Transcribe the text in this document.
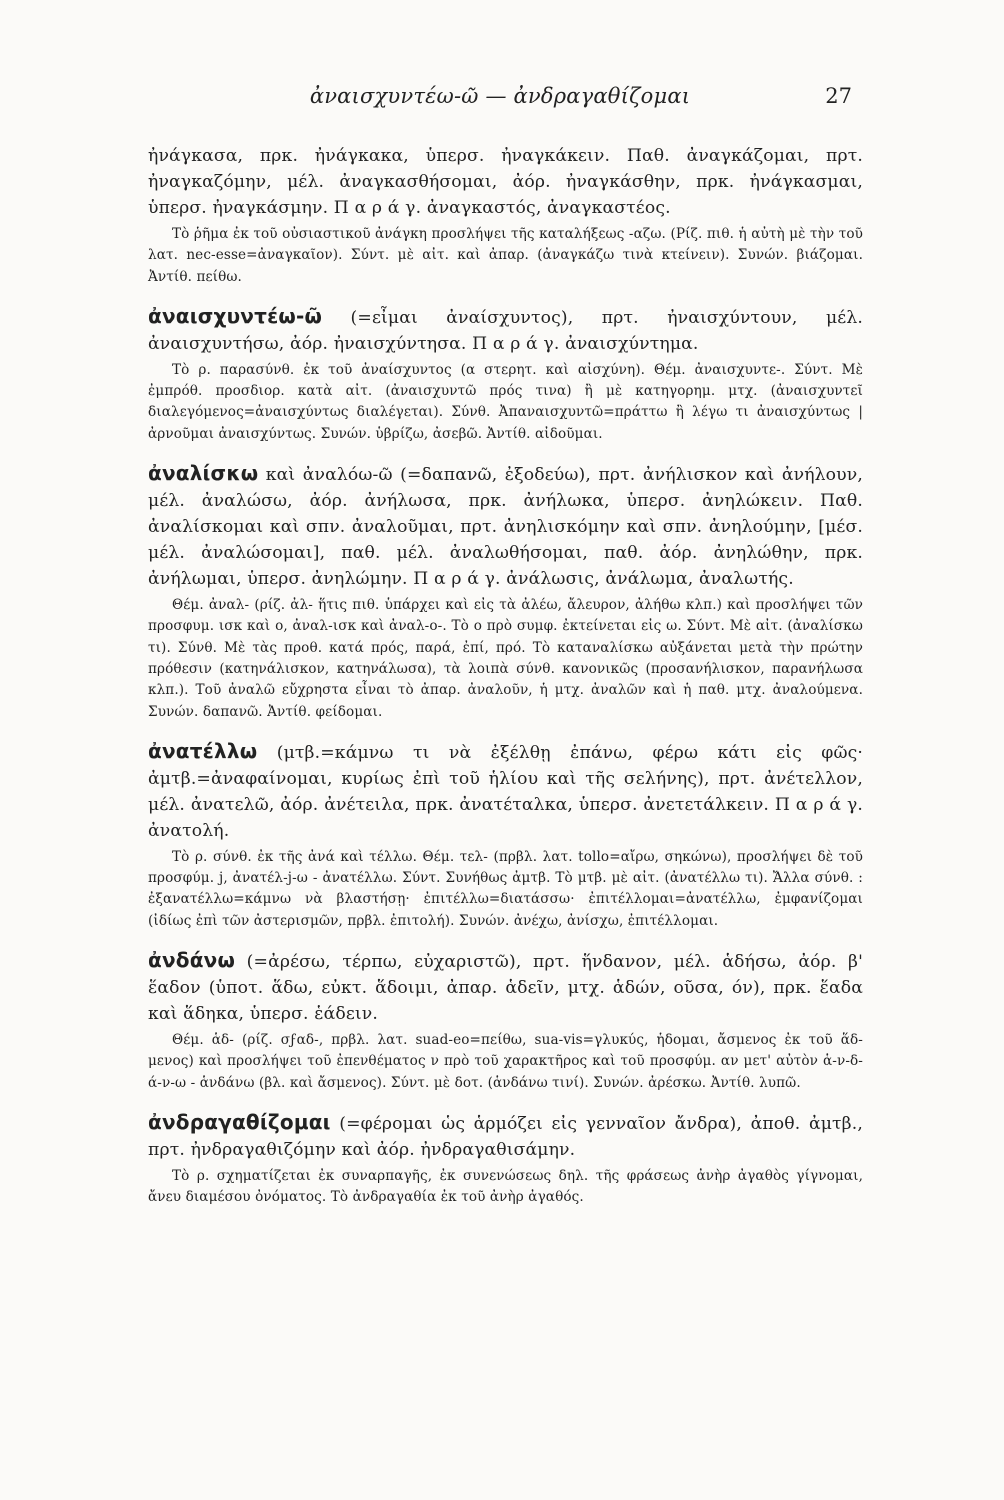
ἀναισχυντέω-ῶ — ἀνδραγαθίζομαι	27

ἠνάγκασα, πρκ. ἠνάγκακα, ὑπερσ. ἠναγκάκειν. Παθ. ἀναγκάζομαι, πρτ. ἠναγκαζόμην, μέλ. ἀναγκασθήσομαι, ἀόρ. ἠναγκάσθην, πρκ. ἠνάγκασμαι, ὑπερσ. ἠναγκάσμην. Π α ρ ά γ. ἀναγκαστός, ἀναγκαστέος.

Τὸ ῥῆμα ἐκ τοῦ οὐσιαστικοῦ ἀνάγκη προσλήψει τῆς καταλήξεως -αζω. (Ρίζ. πιθ. ἡ αὐτὴ μὲ τὴν τοῦ λατ. nec-esse=ἀναγκαῖον). Σύντ. μὲ αἰτ. καὶ ἀπαρ. (ἀναγκάζω τινὰ κτείνειν). Συνών. βιάζομαι. Ἀντίθ. πείθω.

ἀναισχυντέω-ῶ (=εἶμαι ἀναίσχυντος), πρτ. ἠναισχύντουν, μέλ. ἀναισχυντήσω, ἀόρ. ἠναισχύντησα. Π α ρ ά γ. ἀναισχύντημα.

Τὸ ρ. παρασύνθ. ἐκ τοῦ ἀναίσχυντος (α στερητ. καὶ αἰσχύνη). Θέμ. ἀναισχυντε-. Σύντ. Μὲ ἐμπρόθ. προσδιορ. κατὰ αἰτ. (ἀναισχυντῶ πρός τινα) ἢ μὲ κατηγορημ. μτχ. (ἀναισχυντεῖ διαλεγόμενος=ἀναισχύντως διαλέγεται). Σύνθ. Ἀπαναισχυντῶ=πράττω ἢ λέγω τι ἀναισχύντως | ἀρνοῦμαι ἀναισχύντως. Συνών. ὑβρίζω, ἀσεβῶ. Ἀντίθ. αἰδοῦμαι.

ἀναλίσκω καὶ ἀναλόω-ῶ (=δαπανῶ, ἐξοδεύω), πρτ. ἀνήλισκον καὶ ἀνήλουν, μέλ. ἀναλώσω, ἀόρ. ἀνήλωσα, πρκ. ἀνήλωκα, ὑπερσ. ἀνηλώκειν. Παθ. ἀναλίσκομαι καὶ σπν. ἀναλοῦμαι, πρτ. ἀνηλισκόμην καὶ σπν. ἀνηλούμην, [μέσ. μέλ. ἀναλώσομαι], παθ. μέλ. ἀναλωθήσομαι, παθ. ἀόρ. ἀνηλώθην, πρκ. ἀνήλωμαι, ὑπερσ. ἀνηλώμην. Π α ρ ά γ. ἀνάλωσις, ἀνάλωμα, ἀναλωτής.

Θέμ. ἀναλ- (ρίζ. ἀλ- ἥτις πιθ. ὑπάρχει καὶ εἰς τὰ ἀλέω, ἄλευρον, ἀλήθω κλπ.) καὶ προσλήψει τῶν προσφυμ. ισκ καὶ ο, ἀναλ-ισκ καὶ ἀναλ-ο-. Τὸ ο πρὸ συμφ. ἐκτείνεται εἰς ω. Σύντ. Μὲ αἰτ. (ἀναλίσκω τι). Σύνθ. Μὲ τὰς προθ. κατά πρός, παρά, ἐπί, πρό. Τὸ καταναλίσκω αὐξάνεται μετὰ τὴν πρώτην πρόθεσιν (κατηνάλισκον, κατηνάλωσα), τὰ λοιπὰ σύνθ. κανονικῶς (προσανήλισκον, παρανήλωσα κλπ.). Τοῦ ἀναλῶ εὔχρηστα εἶναι τὸ ἀπαρ. ἀναλοῦν, ἡ μτχ. ἀναλῶν καὶ ἡ παθ. μτχ. ἀναλούμενα. Συνών. δαπανῶ. Ἀντίθ. φείδομαι.

ἀνατέλλω (μτβ.=κάμνω τι νὰ ἐξέλθῃ ἐπάνω, φέρω κάτι εἰς φῶς· ἀμτβ.=ἀναφαίνομαι, κυρίως ἐπὶ τοῦ ἡλίου καὶ τῆς σελήνης), πρτ. ἀνέτελλον, μέλ. ἀνατελῶ, ἀόρ. ἀνέτειλα, πρκ. ἀνατέταλκα, ὑπερσ. ἀνετετάλκειν. Π α ρ ά γ. ἀνατολή.

Τὸ ρ. σύνθ. ἐκ τῆς ἀνά καὶ τέλλω. Θέμ. τελ- (πρβλ. λατ. tollo=αἴρω, σηκώνω), προσλήψει δὲ τοῦ προσφύμ. j, ἀνατέλ-j-ω - ἀνατέλλω. Σύντ. Συνήθως ἀμτβ. Τὸ μτβ. μὲ αἰτ. (ἀνατέλλω τι). Ἄλλα σύνθ. : ἐξανατέλλω=κάμνω νὰ βλαστήσῃ· ἐπιτέλλω=διατάσσω· ἐπιτέλλομαι=ἀνατέλλω, ἐμφανίζομαι (ἰδίως ἐπὶ τῶν ἀστερισμῶν, πρβλ. ἐπιτολή). Συνών. ἀνέχω, ἀνίσχω, ἐπιτέλλομαι.

ἀνδάνω (=ἀρέσω, τέρπω, εὐχαριστῶ), πρτ. ἥνδανον, μέλ. ἁδήσω, ἀόρ. β' ἕαδον (ὑποτ. ἅδω, εὐκτ. ἅδοιμι, ἀπαρ. ἁδεῖν, μτχ. ἁδών, οῦσα, όν), πρκ. ἕαδα καὶ ἅδηκα, ὑπερσ. ἑάδειν.

Θέμ. ἁδ- (ρίζ. σϝαδ-, πρβλ. λατ. suad-eo=πείθω, sua-vis=γλυκύς, ἡδομαι, ἄσμενος ἐκ τοῦ ἅδ-μενος) καὶ προσλήψει τοῦ ἐπενθέματος ν πρὸ τοῦ χαρακτῆρος καὶ τοῦ προσφύμ. αν μετ' αὐτὸν ἁ-ν-δ-ά-ν-ω - ἁνδάνω (βλ. καὶ ἄσμενος). Σύντ. μὲ δοτ. (ἁνδάνω τινί). Συνών. ἀρέσκω. Ἀντίθ. λυπῶ.

ἀνδραγαθίζομαι (=φέρομαι ὡς ἁρμόζει εἰς γενναῖον ἄνδρα), ἀποθ. ἀμτβ., πρτ. ἠνδραγαθιζόμην καὶ ἀόρ. ἠνδραγαθισάμην.

Τὸ ρ. σχηματίζεται ἐκ συναρπαγῆς, ἐκ συνενώσεως δηλ. τῆς φράσεως ἀνὴρ ἀγαθὸς γίγνομαι, ἄνευ διαμέσου ὀνόματος. Τὸ ἀνδραγαθία ἐκ τοῦ ἀνὴρ ἀγαθός.
